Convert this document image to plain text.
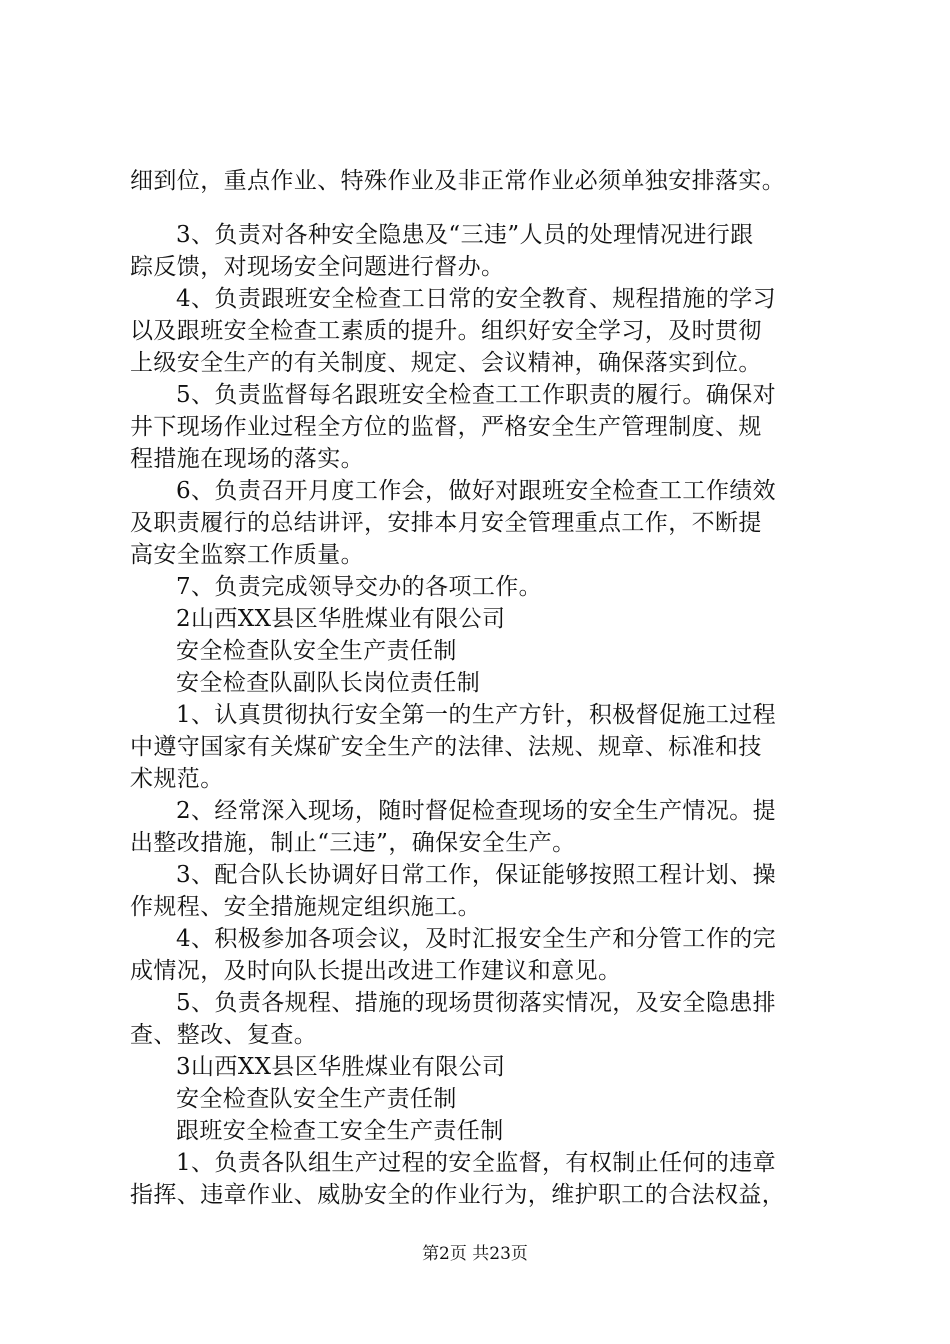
细到位，重点作业、特殊作业及非正常作业必须单独安排落实。
3、负责对各种安全隐患及“三违”人员的处理情况进行跟
踪反馈，对现场安全问题进行督办。
4、负责跟班安全检查工日常的安全教育、规程措施的学习
以及跟班安全检查工素质的提升。组织好安全学习，及时贯彻
上级安全生产的有关制度、规定、会议精神，确保落实到位。
5、负责监督每名跟班安全检查工工作职责的履行。确保对
井下现场作业过程全方位的监督，严格安全生产管理制度、规
程措施在现场的落实。
6、负责召开月度工作会，做好对跟班安全检查工工作绩效
及职责履行的总结讲评，安排本月安全管理重点工作，不断提
高安全监察工作质量。
7、负责完成领导交办的各项工作。
2山西XX县区华胜煤业有限公司
安全检查队安全生产责任制
安全检查队副队长岗位责任制
1、认真贯彻执行安全第一的生产方针，积极督促施工过程
中遵守国家有关煤矿安全生产的法律、法规、规章、标准和技
术规范。
2、经常深入现场，随时督促检查现场的安全生产情况。提
出整改措施，制止“三违”，确保安全生产。
3、配合队长协调好日常工作，保证能够按照工程计划、操
作规程、安全措施规定组织施工。
4、积极参加各项会议，及时汇报安全生产和分管工作的完
成情况，及时向队长提出改进工作建议和意见。
5、负责各规程、措施的现场贯彻落实情况，及安全隐患排
查、整改、复查。
3山西XX县区华胜煤业有限公司
安全检查队安全生产责任制
跟班安全检查工安全生产责任制
1、负责各队组生产过程的安全监督，有权制止任何的违章
指挥、违章作业、威胁安全的作业行为，维护职工的合法权益，
第2页 共23页
